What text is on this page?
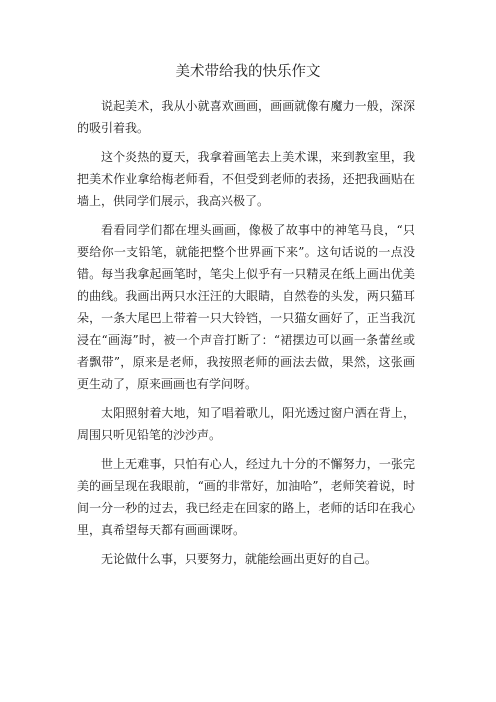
美术带给我的快乐作文

说起美术，我从小就喜欢画画，画画就像有魔力一般，深深的吸引着我。

这个炎热的夏天，我拿着画笔去上美术课，来到教室里，我把美术作业拿给梅老师看，不但受到老师的表扬，还把我画贴在墙上，供同学们展示，我高兴极了。

看看同学们都在埋头画画，像极了故事中的神笔马良，“只要给你一支铅笔，就能把整个世界画下来”。这句话说的一点没错。每当我拿起画笔时，笔尖上似乎有一只精灵在纸上画出优美的曲线。我画出两只水汪汪的大眼睛，自然卷的头发，两只猫耳朵，一条大尾巴上带着一只大铃铛，一只猫女画好了，正当我沉浸在“画海”时，被一个声音打断了：“裙摆边可以画一条蕾丝或者飘带”，原来是老师，我按照老师的画法去做，果然，这张画更生动了，原来画画也有学问呀。

太阳照射着大地，知了唱着歌儿，阳光透过窗户洒在背上，周围只听见铅笔的沙沙声。

世上无难事，只怕有心人，经过九十分的不懈努力，一张完美的画呈现在我眼前，“画的非常好，加油哈”，老师笑着说，时间一分一秒的过去，我已经走在回家的路上，老师的话印在我心里，真希望每天都有画画课呀。

无论做什么事，只要努力，就能绘画出更好的自己。
